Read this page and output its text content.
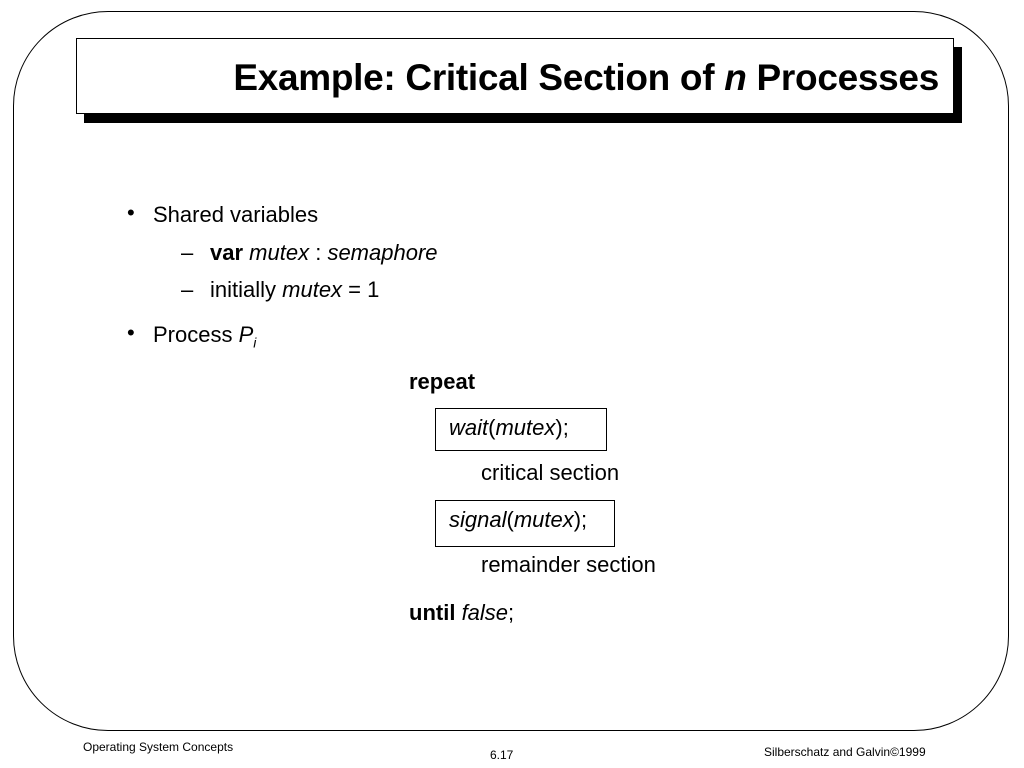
Example: Critical Section of n Processes
• Shared variables
– var mutex : semaphore
– initially mutex = 1
• Process $P_i$
repeat
wait(mutex);
critical section
signal(mutex);
remainder section
until false;
Operating System Concepts
6.17	Silberschatz and Galvin©1999
